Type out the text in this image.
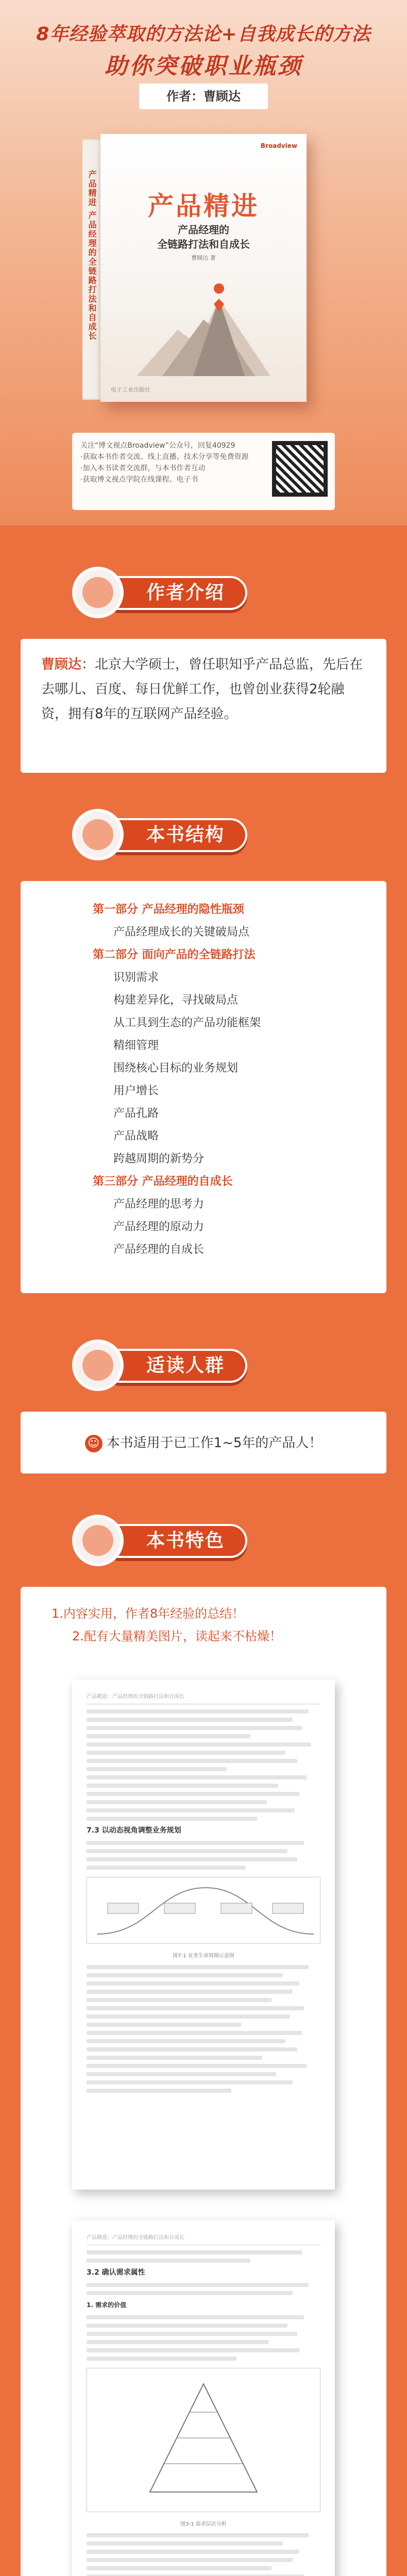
8年经验萃取的方法论+自我成长的方法
助你突破职业瓶颈
作者：曹顾达
产品精进 产品经理的全链路打法和自成长
Broadview
产品精进
产品经理的
全链路打法和自成长
曹顾达 著
电子工业出版社
关注“博文视点Broadview”公众号，回复40929
·获取本书作者交流、线上直播、技术分享等免费资源
·加入本书读者交流群，与本书作者互动
·获取博文视点学院在线课程、电子书
作者介绍
曹顾达：北京大学硕士，曾任职知乎产品总监，先后在去哪儿、百度、每日优鲜工作，也曾创业获得2轮融资，拥有8年的互联网产品经验。
本书结构
第一部分 产品经理的隐性瓶颈
产品经理成长的关键破局点
第二部分 面向产品的全链路打法
识别需求
构建差异化，寻找破局点
从工具到生态的产品功能框架
精细管理
围绕核心目标的业务规划
用户增长
产品孔路
产品战略
跨越周期的新势分
第三部分 产品经理的自成长
产品经理的思考力
产品经理的原动力
产品经理的自成长
适读人群
☺ 本书适用于已工作1~5年的产品人！
本书特色
1.内容实用，作者8年经验的总结！
2.配有大量精美图片，读起来不枯燥！
产品精进：产品经理的全链路打法和自成长
7.3 以动态视角调整业务规划
图7-1 业务生命周期示意图
产品精进：产品经理的全链路打法和自成长
3.2 确认需求属性
1. 需求的价值
图3-1 需求层次分析
